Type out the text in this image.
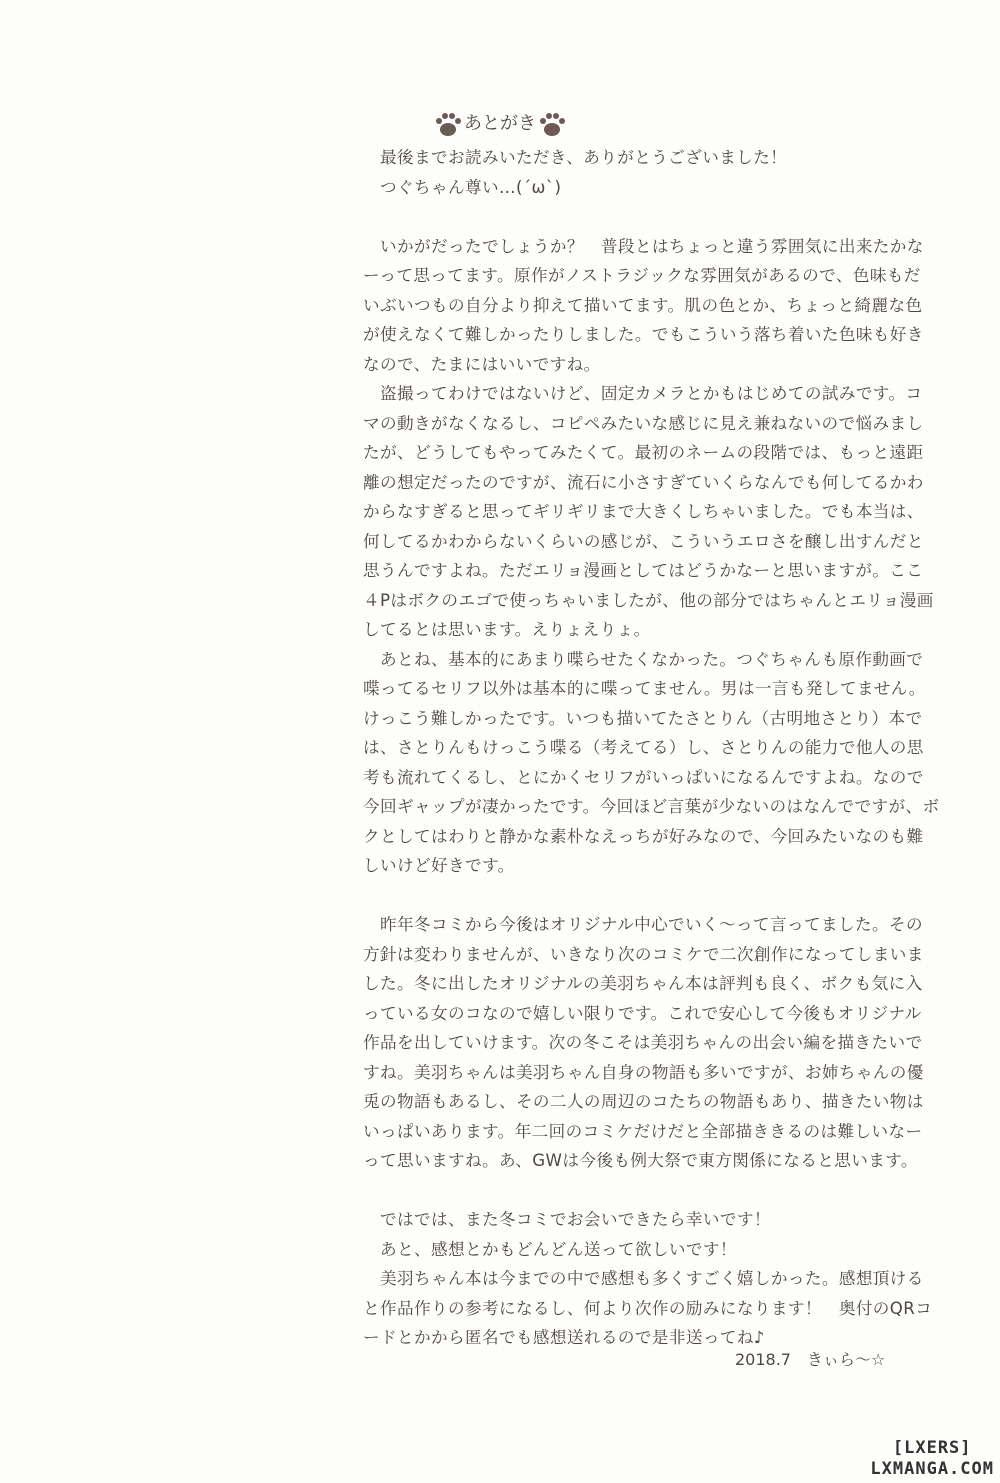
あとがき
　最後までお読みいただき、ありがとうございました！
　つぐちゃん尊い…(´ω`)
　いかがだったでしょうか？　普段とはちょっと違う雰囲気に出来たかな
ーって思ってます。原作がノストラジックな雰囲気があるので、色味もだ
いぶいつもの自分より抑えて描いてます。肌の色とか、ちょっと綺麗な色
が使えなくて難しかったりしました。でもこういう落ち着いた色味も好き
なので、たまにはいいですね。
　盗撮ってわけではないけど、固定カメラとかもはじめての試みです。コ
マの動きがなくなるし、コピペみたいな感じに見え兼ねないので悩みまし
たが、どうしてもやってみたくて。最初のネームの段階では、もっと遠距
離の想定だったのですが、流石に小さすぎていくらなんでも何してるかわ
からなすぎると思ってギリギリまで大きくしちゃいました。でも本当は、
何してるかわからないくらいの感じが、こういうエロさを醸し出すんだと
思うんですよね。ただエリョ漫画としてはどうかなーと思いますが。ここ
４Pはボクのエゴで使っちゃいましたが、他の部分ではちゃんとエリョ漫画
してるとは思います。えりょえりょ。
　あとね、基本的にあまり喋らせたくなかった。つぐちゃんも原作動画で
喋ってるセリフ以外は基本的に喋ってません。男は一言も発してません。
けっこう難しかったです。いつも描いてたさとりん（古明地さとり）本で
は、さとりんもけっこう喋る（考えてる）し、さとりんの能力で他人の思
考も流れてくるし、とにかくセリフがいっぱいになるんですよね。なので
今回ギャップが凄かったです。今回ほど言葉が少ないのはなんでですが、ボ
クとしてはわりと静かな素朴なえっちが好みなので、今回みたいなのも難
しいけど好きです。
　昨年冬コミから今後はオリジナル中心でいく～って言ってました。その
方針は変わりませんが、いきなり次のコミケで二次創作になってしまいま
した。冬に出したオリジナルの美羽ちゃん本は評判も良く、ボクも気に入
っている女のコなので嬉しい限りです。これで安心して今後もオリジナル
作品を出していけます。次の冬こそは美羽ちゃんの出会い編を描きたいで
すね。美羽ちゃんは美羽ちゃん自身の物語も多いですが、お姉ちゃんの優
兎の物語もあるし、その二人の周辺のコたちの物語もあり、描きたい物は
いっぱいあります。年二回のコミケだけだと全部描ききるのは難しいなー
って思いますね。あ、GWは今後も例大祭で東方関係になると思います。
　ではでは、また冬コミでお会いできたら幸いです！
　あと、感想とかもどんどん送って欲しいです！
　美羽ちゃん本は今までの中で感想も多くすごく嬉しかった。感想頂ける
と作品作りの参考になるし、何より次作の励みになります！　奥付のQRコ
ードとかから匿名でも感想送れるので是非送ってね♪
2018.7　きぃら～☆
[LXERS]
LXMANGA.COM
